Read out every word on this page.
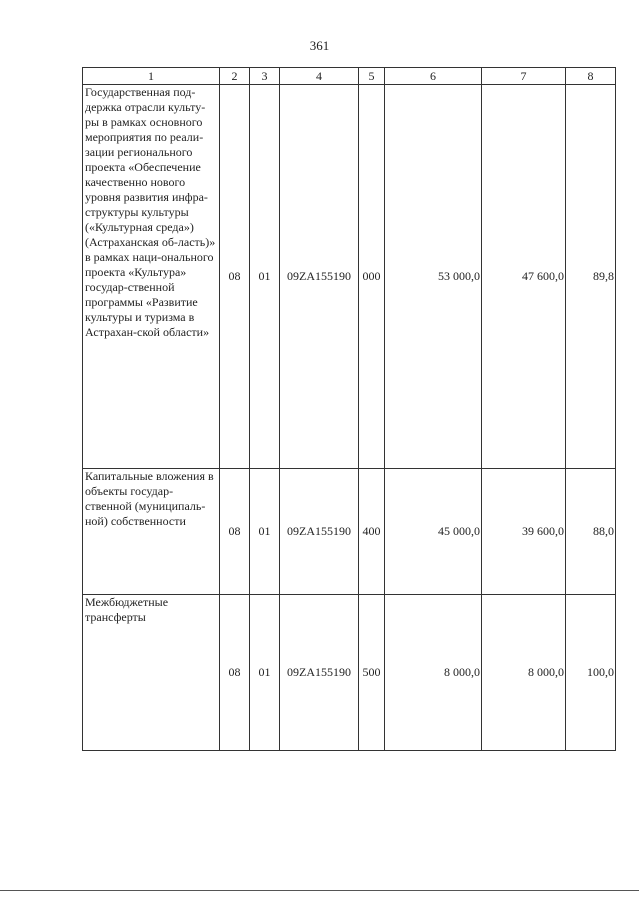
361
1	2	3	4	5	6	7	8
Государственная под-держка отрасли культу-ры в рамках основного мероприятия по реали-зации регионального проекта «Обеспечение качественно нового уровня развития инфра-структуры культуры («Культурная среда») (Астраханская об-ласть)» в рамках наци-онального проекта «Культура» государ-ственной программы «Развитие культуры и туризма в Астрахан-ской области»	08	01	09ZA155190	000	53 000,0	47 600,0	89,8
Капитальные вложения в объекты государ-ственной (муниципаль-ной) собственности	08	01	09ZA155190	400	45 000,0	39 600,0	88,0
Межбюджетные трансферты	08	01	09ZA155190	500	8 000,0	8 000,0	100,0
